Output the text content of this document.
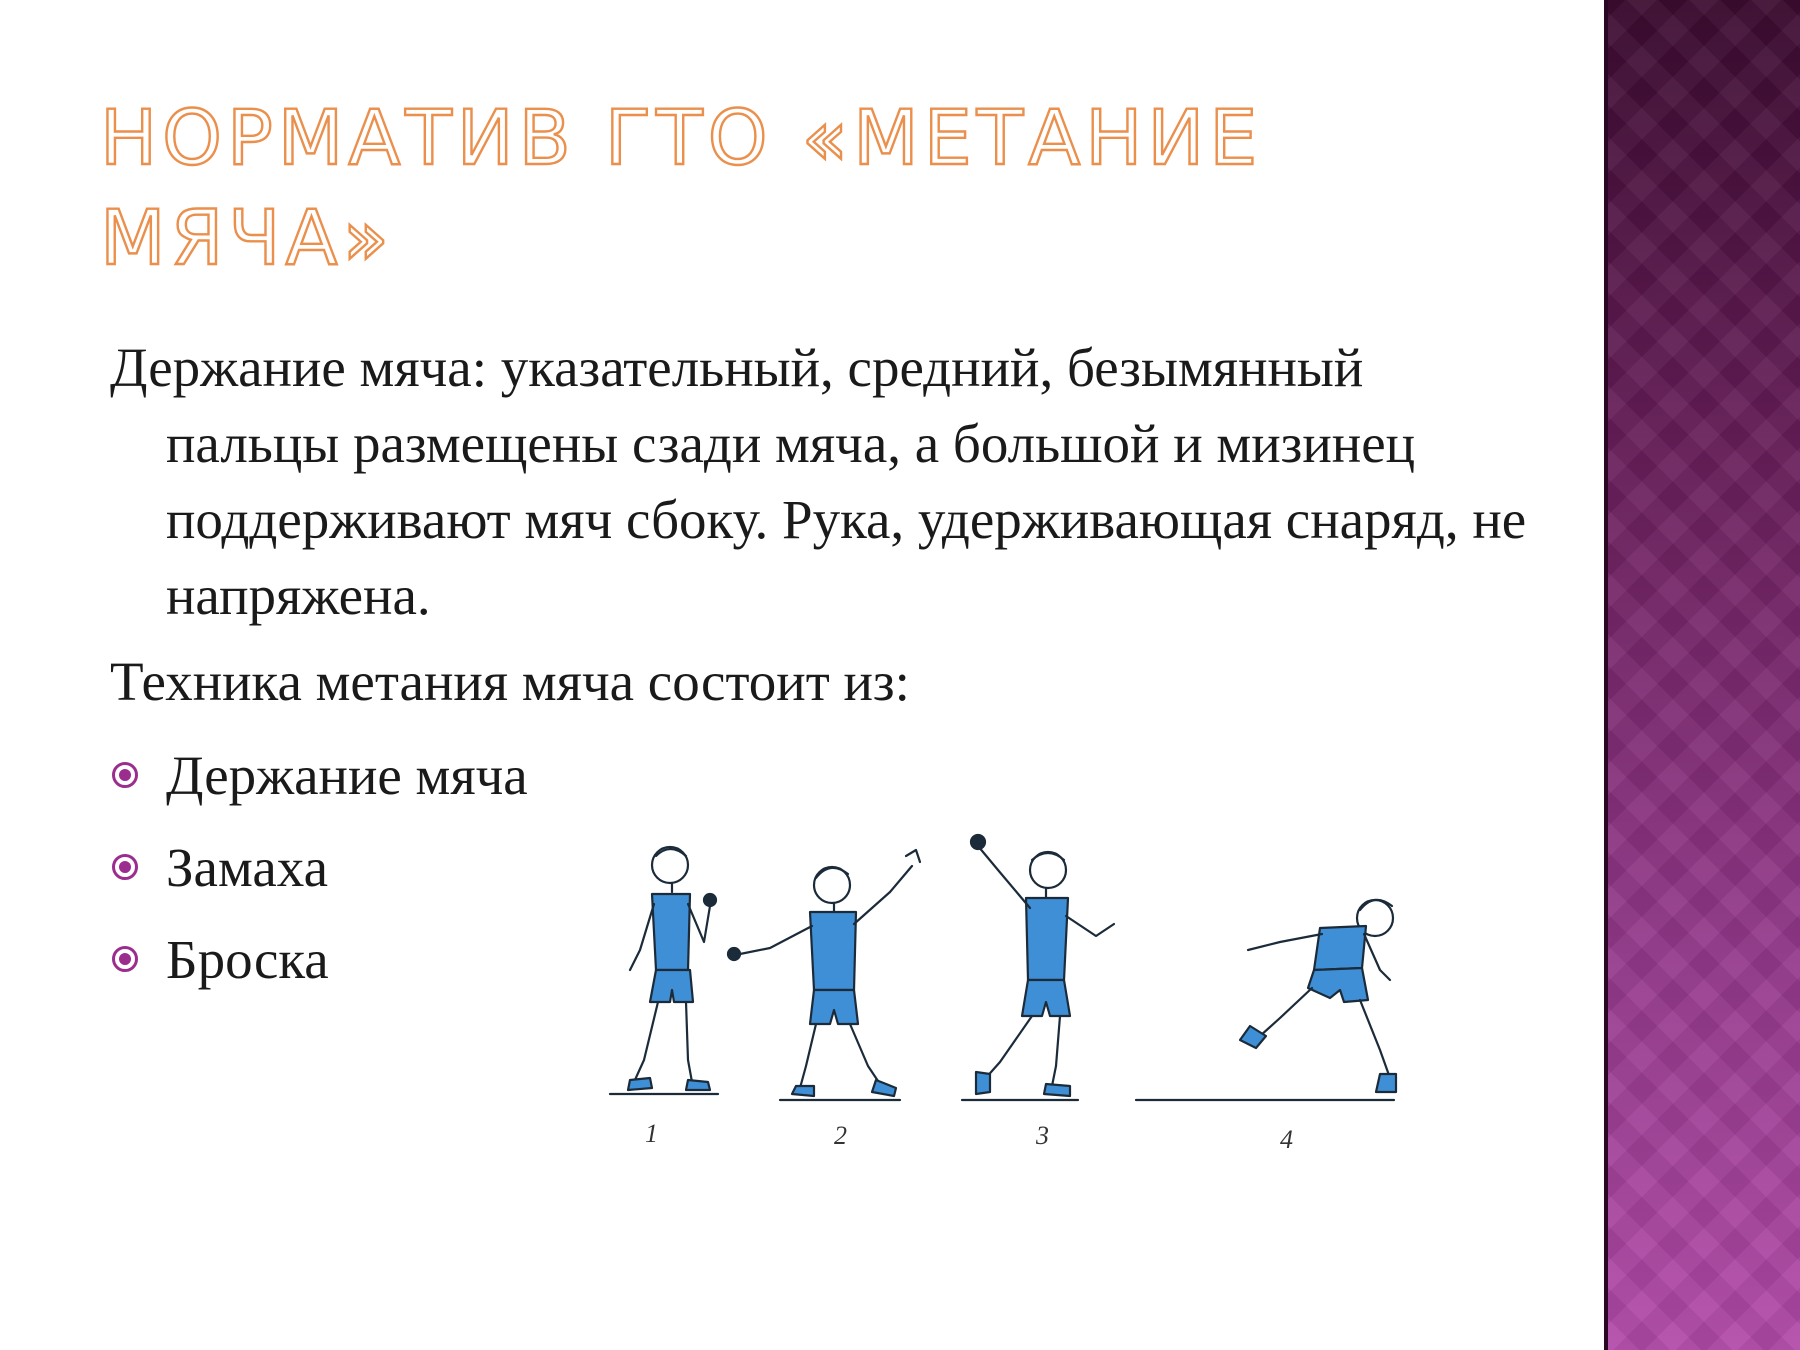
НОРМАТИВ ГТО «МЕТАНИЕ МЯЧА»

Держание мяча: указательный, средний, безымянный пальцы размещены сзади мяча, а большой и мизинец поддерживают мяч сбоку. Рука, удерживающая снаряд, не напряжена.

Техника метания мяча состоит из:

Держание мяча
Замаха
Броска
1	2	3	4
